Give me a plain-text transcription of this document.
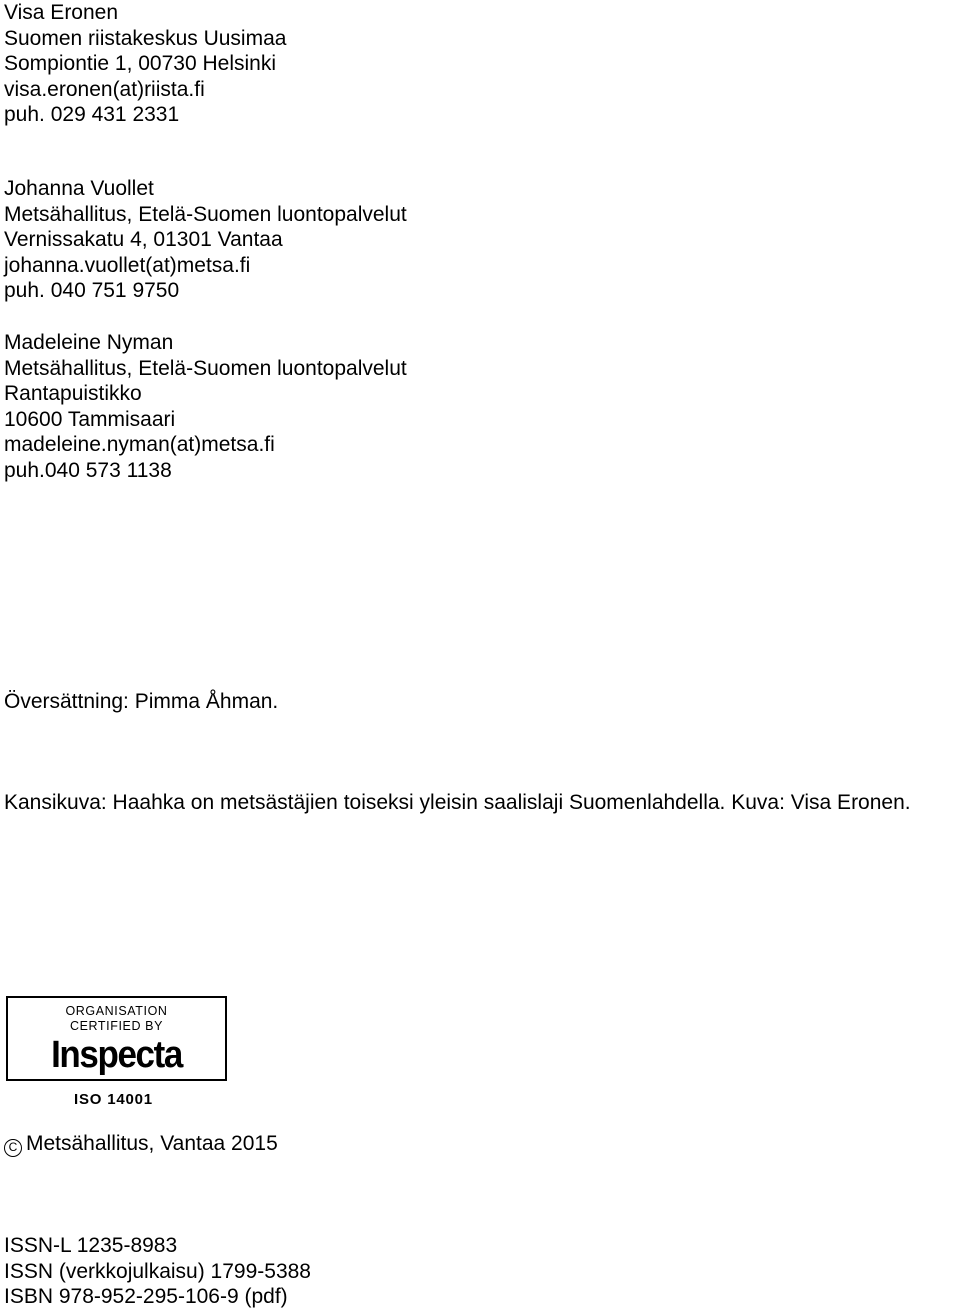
Visa Eronen
Suomen riistakeskus Uusimaa
Sompiontie 1, 00730 Helsinki
visa.eronen(at)riista.fi
puh. 029 431 2331
Johanna Vuollet
Metsähallitus, Etelä-Suomen luontopalvelut
Vernissakatu 4, 01301 Vantaa
johanna.vuollet(at)metsa.fi
puh. 040 751 9750
Madeleine Nyman
Metsähallitus, Etelä-Suomen luontopalvelut
Rantapuistikko
10600 Tammisaari
madeleine.nyman(at)metsa.fi
puh.040 573 1138

Översättning: Pimma Åhman.

Kansikuva: Haahka on metsästäjien toiseksi yleisin saalislaji Suomenlahdella. Kuva: Visa Eronen.

ORGANISATION
CERTIFIED BY
Inspecta
ISO 14001

C Metsähallitus, Vantaa 2015

ISSN-L 1235-8983
ISSN (verkkojulkaisu) 1799-5388
ISBN 978-952-295-106-9 (pdf)
